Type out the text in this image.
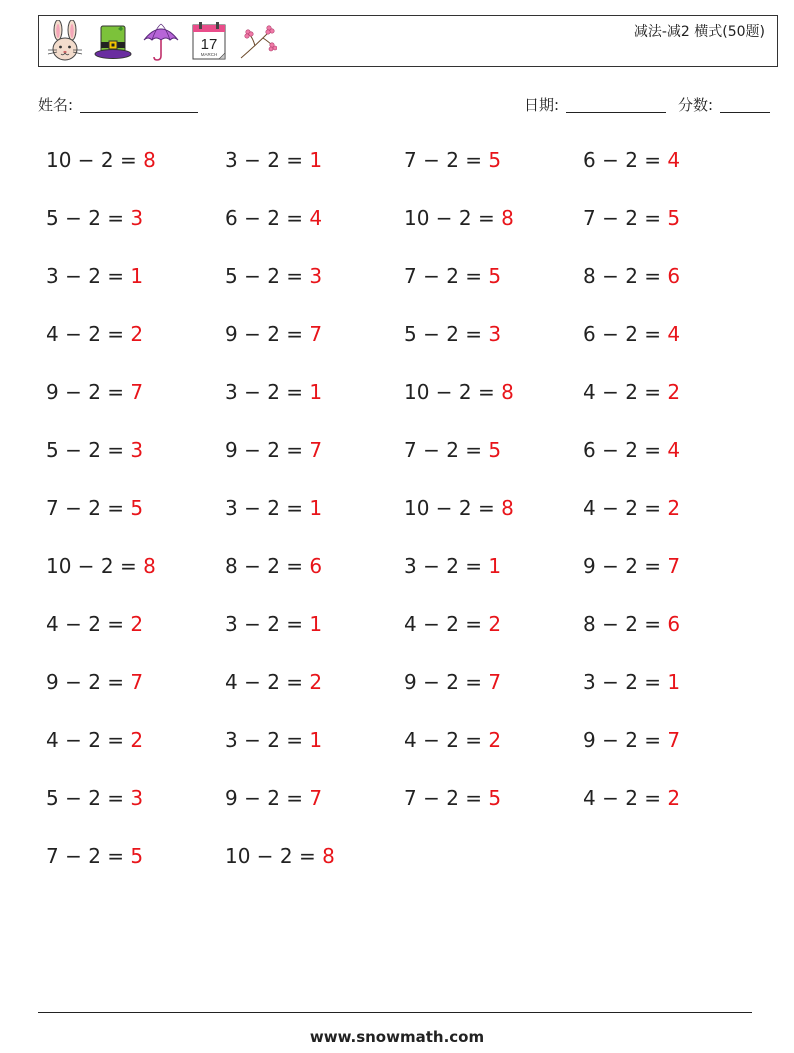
17
MARCH
减法-减2 横式(50题)
姓名:	日期:	分数:
10 − 2 = 8	3 − 2 = 1	7 − 2 = 5	6 − 2 = 4
5 − 2 = 3	6 − 2 = 4	10 − 2 = 8	7 − 2 = 5
3 − 2 = 1	5 − 2 = 3	7 − 2 = 5	8 − 2 = 6
4 − 2 = 2	9 − 2 = 7	5 − 2 = 3	6 − 2 = 4
9 − 2 = 7	3 − 2 = 1	10 − 2 = 8	4 − 2 = 2
5 − 2 = 3	9 − 2 = 7	7 − 2 = 5	6 − 2 = 4
7 − 2 = 5	3 − 2 = 1	10 − 2 = 8	4 − 2 = 2
10 − 2 = 8	8 − 2 = 6	3 − 2 = 1	9 − 2 = 7
4 − 2 = 2	3 − 2 = 1	4 − 2 = 2	8 − 2 = 6
9 − 2 = 7	4 − 2 = 2	9 − 2 = 7	3 − 2 = 1
4 − 2 = 2	3 − 2 = 1	4 − 2 = 2	9 − 2 = 7
5 − 2 = 3	9 − 2 = 7	7 − 2 = 5	4 − 2 = 2
7 − 2 = 5	10 − 2 = 8
www.snowmath.com
